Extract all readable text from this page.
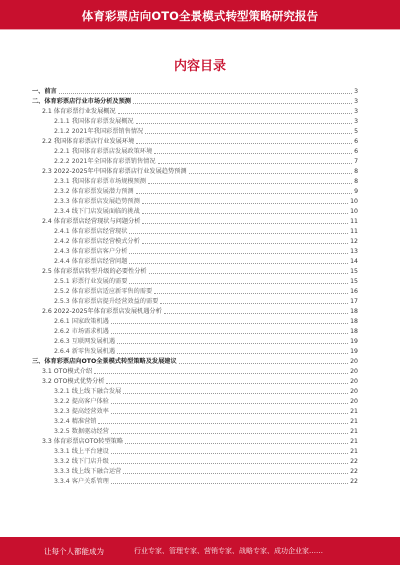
体育彩票店向OTO全景模式转型策略研究报告
内容目录
一、前言	3
二、体育彩票店行业市场分析及预测	3
2.1 体育彩票行业发展概况	3
2.1.1 我国体育彩票发展概况	3
2.1.2 2021年我国彩票销售情况	5
2.2 我国体育彩票店行业发展环境	6
2.2.1 我国体育彩票店发展政策环境	6
2.2.2 2021年全国体育彩票销售情况	7
2.3 2022-2025年中国体育彩票店行业发展趋势预测	8
2.3.1 我国体育彩票市场规模预测	8
2.3.2 体育彩票发展潜力预测	9
2.3.3 体育彩票店发展趋势预测	10
2.3.4 线下门店发展面临的挑战	10
2.4 体育彩票店经营现状与问题分析	11
2.4.1 体育彩票店经营现状	11
2.4.2 体育彩票店经营模式分析	12
2.4.3 体育彩票店客户分析	13
2.4.4 体育彩票店经营问题	14
2.5 体育彩票店转型升级的必要性分析	15
2.5.1 彩票行业发展的需要	15
2.5.2 体育彩票店适应新零售的需要	16
2.5.3 体育彩票店提升经营效益的需要	17
2.6 2022-2025年体育彩票店发展机遇分析	18
2.6.1 国家政策机遇	18
2.6.2 市场需求机遇	18
2.6.3 互联网发展机遇	19
2.6.4 新零售发展机遇	19
三、体育彩票店向OTO全景模式转型策略及发展建议	20
3.1 OTO模式介绍	20
3.2 OTO模式优势分析	20
3.2.1 线上线下融合发展	20
3.2.2 提高客户体验	20
3.2.3 提高经营效率	21
3.2.4 精准营销	21
3.2.5 数据驱动经营	21
3.3 体育彩票店OTO转型策略	21
3.3.1 线上平台建设	21
3.3.2 线下门店升级	22
3.3.3 线上线下融合运营	22
3.3.4 客户关系管理	22
让每个人都能成为	行业专家、管理专家、营销专家、战略专家、成功企业家……
